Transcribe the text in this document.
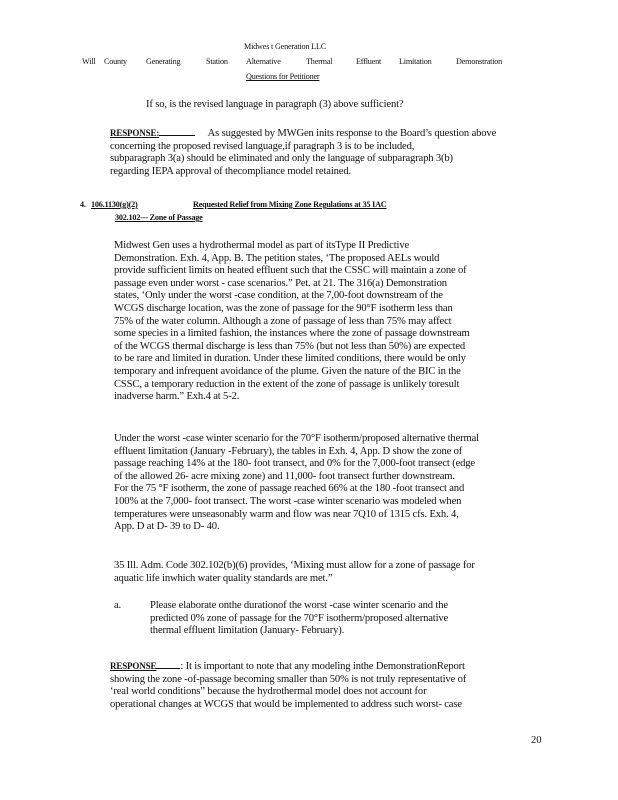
Midwes t Generation LLC
Will County Generating	Station Alternative	Thermal	Effluent Limitation	Demonstration
Questions for Petitioner
If so, is the revised language in paragraph (3) above sufficient?
RESPONSE:	As suggested by MWGen inits response to the Board’s question above
concerning the proposed revised language,if paragraph 3 is to be included,
subparagraph 3(a) should be eliminated and only the language of subparagraph 3(b)
regarding IEPA approval of thecompliance model retained.
4. 106.1130(g)(2)	Requested Relief from Mixing Zone Regulations at 35 IAC
302.102--- Zone of Passage
Midwest Gen uses a hydrothermal model as part of itsType II Predictive
Demonstration. Exh. 4, App. B. The petition states, ‘The proposed AELs would
provide sufficient limits on heated effluent such that the CSSC will maintain a zone of
passage even under worst - case scenarios.” Pet. at 21. The 316(a) Demonstration
states, ‘Only under the worst -case condition, at the 7,00-foot downstream of the
WCGS discharge location, was the zone of passage for the 90°F isotherm less than
75% of the water column. Although a zone of passage of less than 75% may affect
some species in a limited fashion, the instances where the zone of passage downstream
of the WCGS thermal discharge is less than 75% (but not less than 50%) are expected
to be rare and limited in duration. Under these limited conditions, there would be only
temporary and infrequent avoidance of the plume. Given the nature of the BIC in the
CSSC, a temporary reduction in the extent of the zone of passage is unlikely toresult
inadverse harm.” Exh.4 at 5-2.
Under the worst -case winter scenario for the 70°F isotherm/proposed alternative thermal
effluent limitation (January -February), the tables in Exh. 4, App. D show the zone of
passage reaching 14% at the 180- foot transect, and 0% for the 7,000-foot transect (edge
of the allowed 26- acre mixing zone) and 11,000- foot transect further downstream.
For the 75 °F isotherm, the zone of passage reached 66% at the 180 -foot transect and
100% at the 7,000- foot transect. The worst -case winter scenario was modeled when
temperatures were unseasonably warm and flow was near 7Q10 of 1315 cfs. Exh. 4,
App. D at D- 39 to D- 40.
35 Ill. Adm. Code 302.102(b)(6) provides, ‘Mixing must allow for a zone of passage for
aquatic life inwhich water quality standards are met.”
a.	Please elaborate onthe durationof the worst -case winter scenario and the
predicted 0% zone of passage for the 70°F isotherm/proposed alternative
thermal effluent limitation (January- February).
RESPONSE : It is important to note that any modeling inthe DemonstrationReport
showing the zone -of-passage becoming smaller than 50% is not truly representative of
‘real world conditions” because the hydrothermal model does not account for
operational changes at WCGS that would be implemented to address such worst- case
20
